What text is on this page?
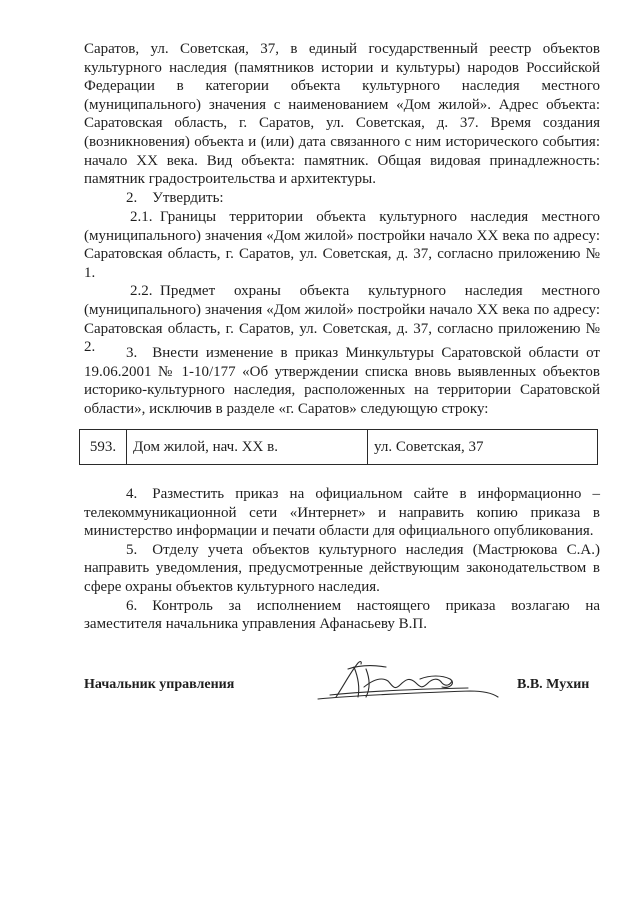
Саратов, ул. Советская, 37, в единый государственный реестр объектов культурного наследия (памятников истории и культуры) народов Российской Федерации в категории объекта культурного наследия местного (муниципального) значения с наименованием «Дом жилой». Адрес объекта: Саратовская область, г. Саратов, ул. Советская, д. 37. Время создания (возникновения) объекта и (или) дата связанного с ним исторического события: начало XX века. Вид объекта: памятник. Общая видовая принадлежность: памятник градостроительства и архитектуры.

2. Утвердить:

2.1. Границы территории объекта культурного наследия местного (муниципального) значения «Дом жилой» постройки начало XX века по адресу: Саратовская область, г. Саратов, ул. Советская, д. 37, согласно приложению № 1.

2.2. Предмет охраны объекта культурного наследия местного (муниципального) значения «Дом жилой» постройки начало XX века по адресу: Саратовская область, г. Саратов, ул. Советская, д. 37, согласно приложению № 2.	3. Внести изменение в приказ Минкультуры Саратовской области от 19.06.2001 № 1-10/177 «Об утверждении списка вновь выявленных объектов историко-культурного наследия, расположенных на территории Саратовской области», исключив в разделе «г. Саратов» следующую строку:

593.	Дом жилой, нач. XX в.	ул. Советская, 37

4. Разместить приказ на официальном сайте в информационно – телекоммуникационной сети «Интернет» и направить копию приказа в министерство информации и печати области для официального опубликования.

5. Отделу учета объектов культурного наследия (Мастрюкова С.А.) направить уведомления, предусмотренные действующим законодательством в сфере охраны объектов культурного наследия.

6. Контроль за исполнением настоящего приказа возлагаю на заместителя начальника управления Афанасьеву В.П.

Начальник управления	В.В. Мухин
